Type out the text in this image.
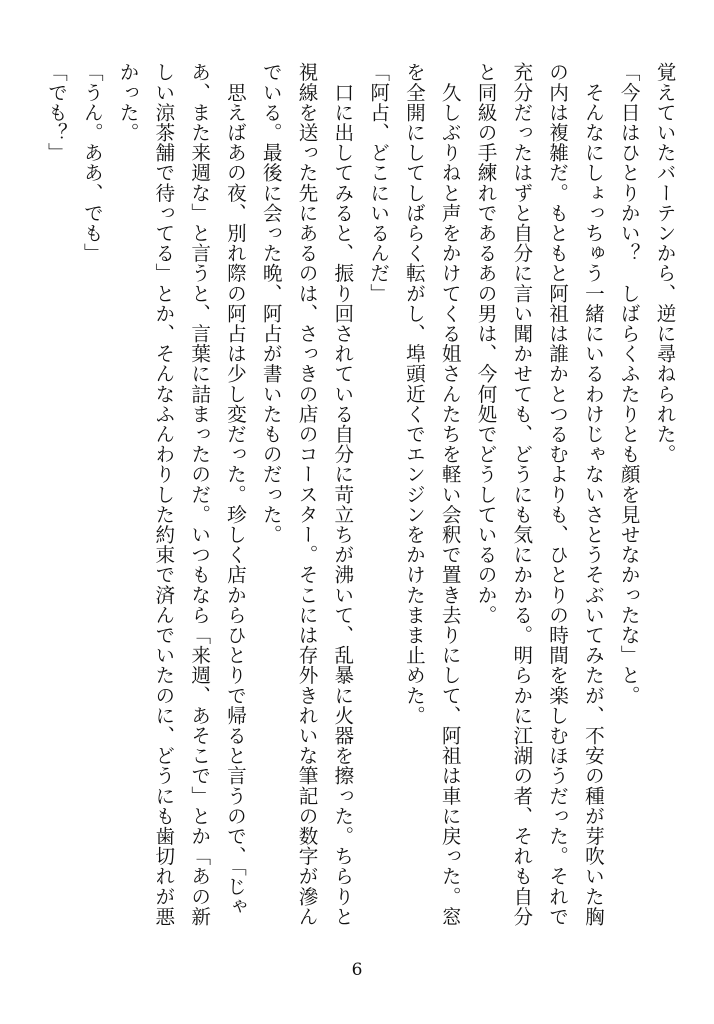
覚えていたバーテンから、逆に尋ねられた。

「今日はひとりかい？　しばらくふたりとも顔を見せなかったな」と。

　そんなにしょっちゅう一緒にいるわけじゃないさとうそぶいてみたが、不安の種が芽吹いた胸の内は複雑だ。もともと阿祖は誰かとつるむよりも、ひとりの時間を楽しむほうだった。それで充分だったはずと自分に言い聞かせても、どうにも気にかかる。明らかに江湖の者、それも自分と同級の手練れであるあの男は、今何処でどうしているのか。

　久しぶりねと声をかけてくる姐さんたちを軽い会釈で置き去りにして、阿祖は車に戻った。窓を全開にしてしばらく転がし、埠頭近くでエンジンをかけたまま止めた。

「阿占、どこにいるんだ」

　口に出してみると、振り回されている自分に苛立ちが沸いて、乱暴に火器を擦った。ちらりと視線を送った先にあるのは、さっきの店のコースター。そこには存外きれいな筆記の数字が滲んでいる。最後に会った晩、阿占が書いたものだった。

　思えばあの夜、別れ際の阿占は少し変だった。珍しく店からひとりで帰ると言うので、「じゃあ、また来週な」と言うと、言葉に詰まったのだ。いつもなら「来週、あそこで」とか「あの新しい涼茶舗で待ってる」とか、そんなふんわりした約束で済んでいたのに、どうにも歯切れが悪かった。

「うん。ああ、でも」

「でも？」

6
